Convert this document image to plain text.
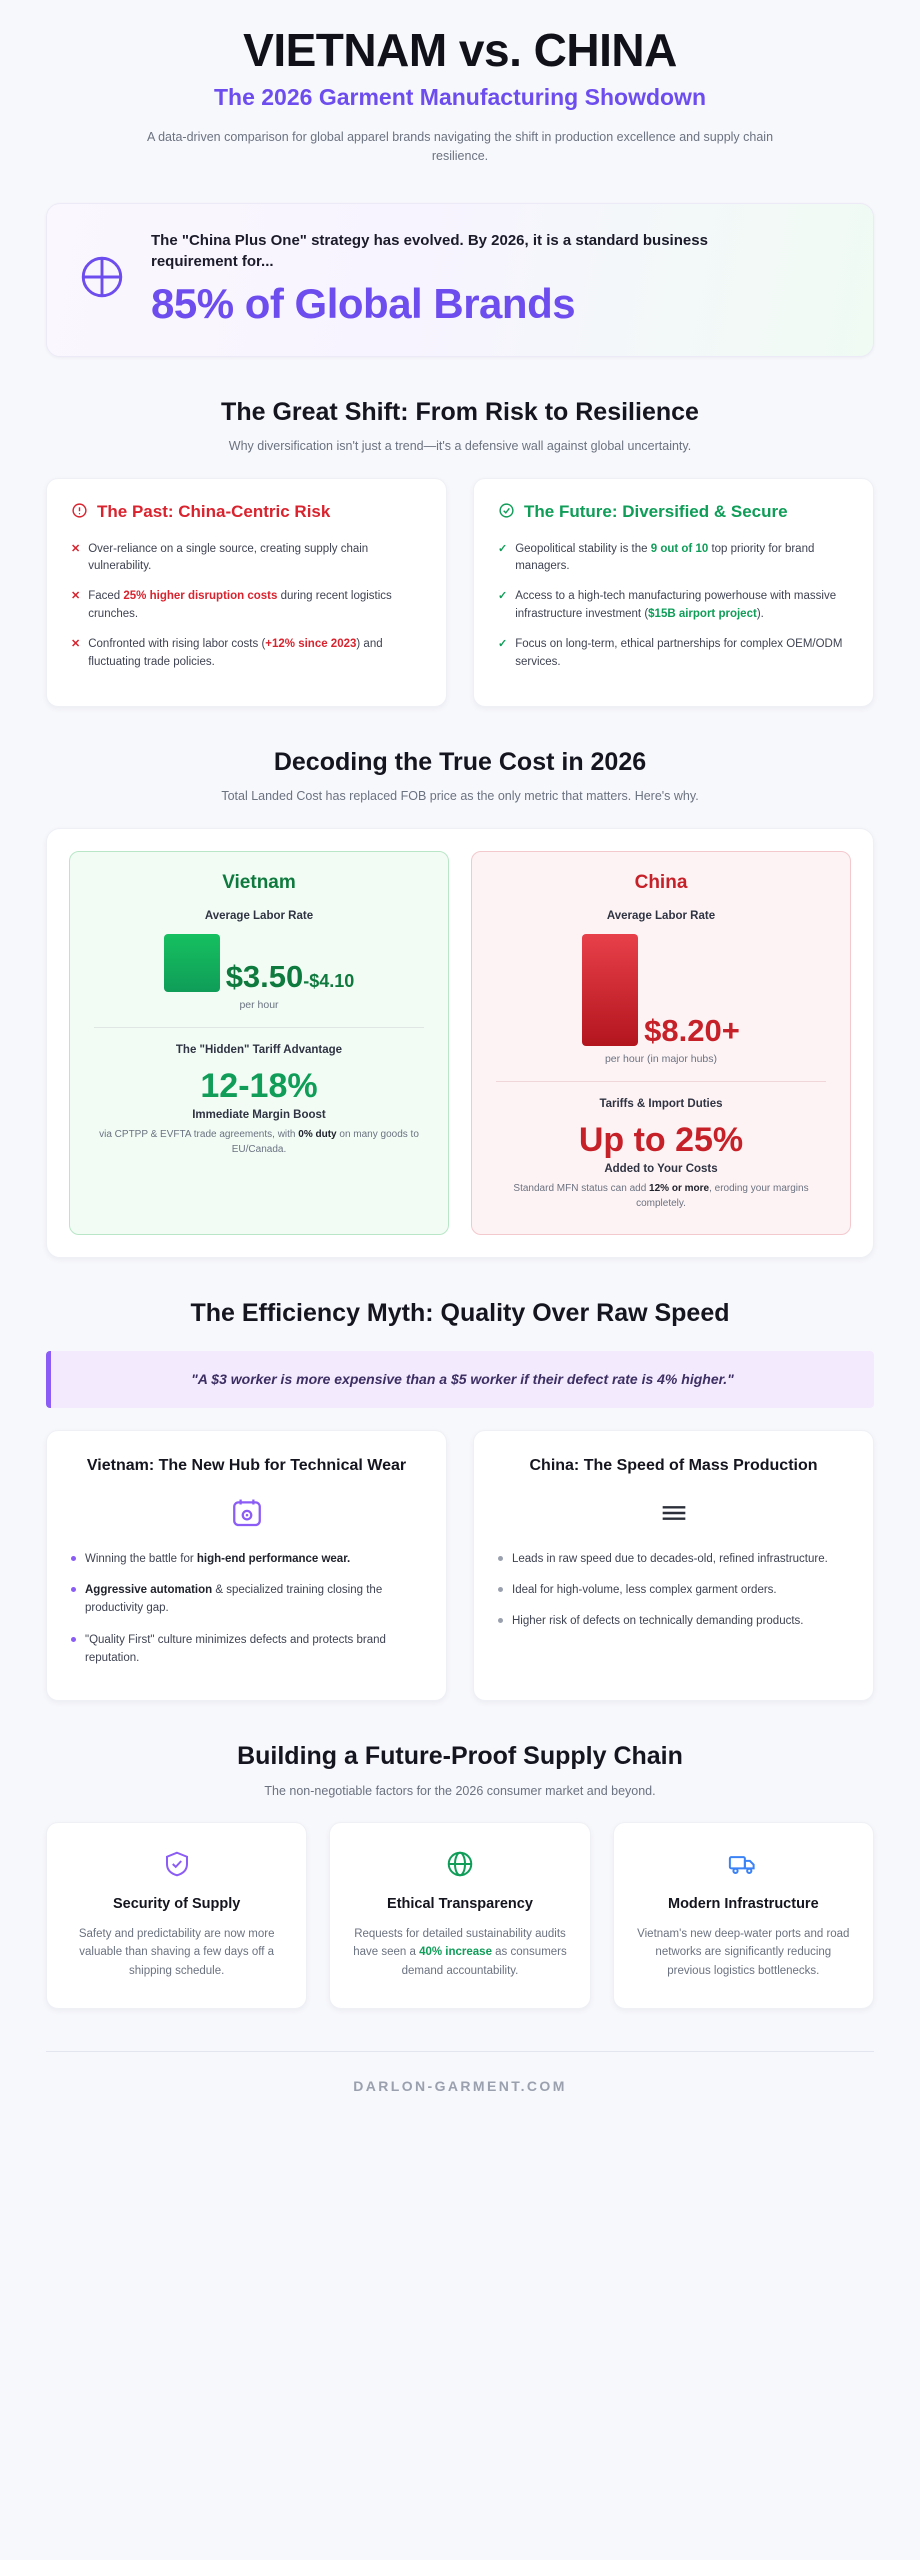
VIETNAM vs. CHINA
The 2026 Garment Manufacturing Showdown
A data-driven comparison for global apparel brands navigating the shift in production excellence and supply chain resilience.
The "China Plus One" strategy has evolved. By 2026, it is a standard business requirement for...
85% of Global Brands
The Great Shift: From Risk to Resilience
Why diversification isn't just a trend—it's a defensive wall against global uncertainty.
The Past: China-Centric Risk
✕ Over-reliance on a single source, creating supply chain vulnerability.
✕ Faced 25% higher disruption costs during recent logistics crunches.
✕ Confronted with rising labor costs (+12% since 2023) and fluctuating trade policies.
The Future: Diversified & Secure
✓ Geopolitical stability is the 9 out of 10 top priority for brand managers.
✓ Access to a high-tech manufacturing powerhouse with massive infrastructure investment ($15B airport project).
✓ Focus on long-term, ethical partnerships for complex OEM/ODM services.
Decoding the True Cost in 2026
Total Landed Cost has replaced FOB price as the only metric that matters. Here's why.
Vietnam
Average Labor Rate
$3.50-$4.10
per hour
The "Hidden" Tariff Advantage
12-18%
Immediate Margin Boost
via CPTPP & EVFTA trade agreements, with 0% duty on many goods to EU/Canada.
China
Average Labor Rate
$8.20+
per hour (in major hubs)
Tariffs & Import Duties
Up to 25%
Added to Your Costs
Standard MFN status can add 12% or more, eroding your margins completely.
The Efficiency Myth: Quality Over Raw Speed
"A $3 worker is more expensive than a $5 worker if their defect rate is 4% higher."
Vietnam: The New Hub for Technical Wear
Winning the battle for high-end performance wear.
Aggressive automation & specialized training closing the productivity gap.
"Quality First" culture minimizes defects and protects brand reputation.
China: The Speed of Mass Production
Leads in raw speed due to decades-old, refined infrastructure.
Ideal for high-volume, less complex garment orders.
Higher risk of defects on technically demanding products.
Building a Future-Proof Supply Chain
The non-negotiable factors for the 2026 consumer market and beyond.
Security of Supply
Safety and predictability are now more valuable than shaving a few days off a shipping schedule.
Ethical Transparency
Requests for detailed sustainability audits have seen a 40% increase as consumers demand accountability.
Modern Infrastructure
Vietnam's new deep-water ports and road networks are significantly reducing previous logistics bottlenecks.
DARLON-GARMENT.COM
